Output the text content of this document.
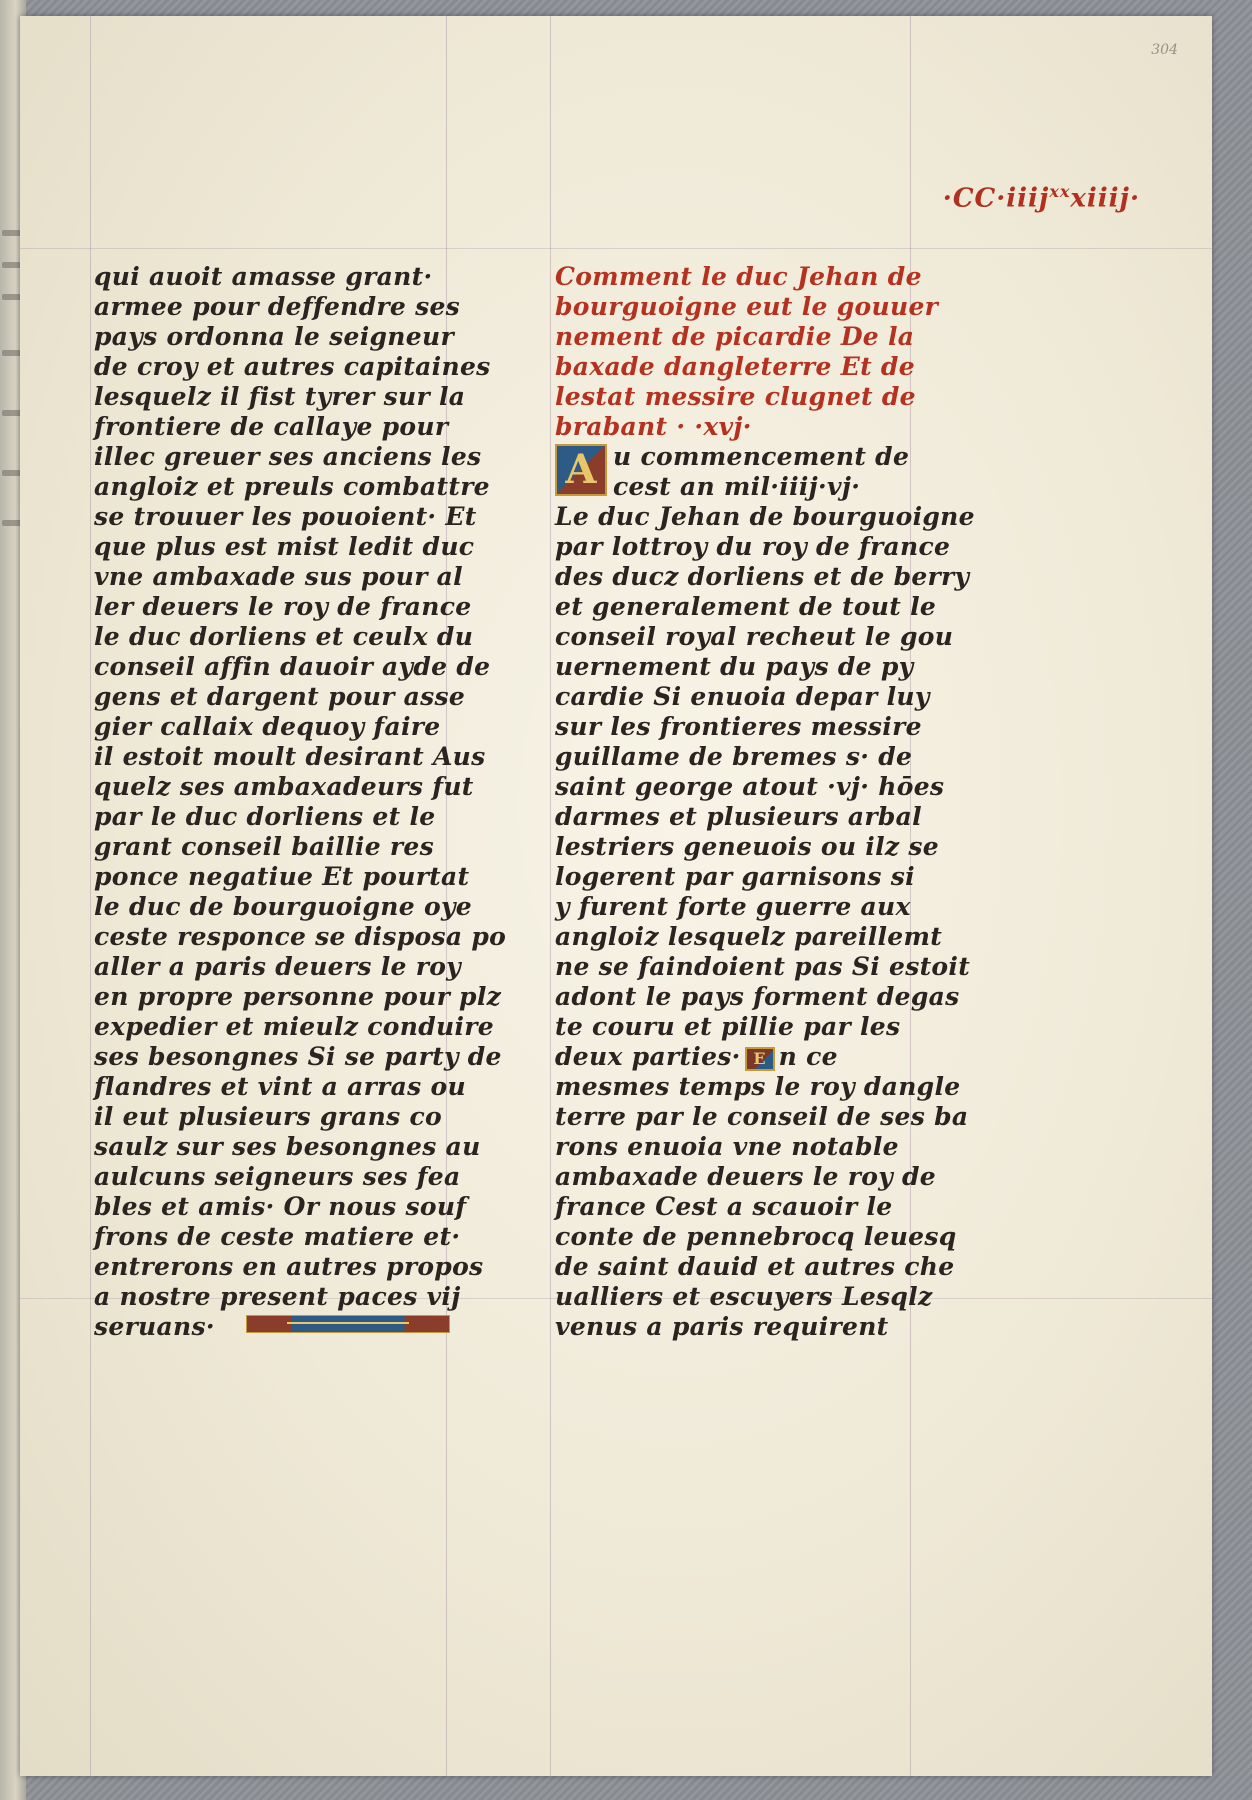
304
·CC·iiij$^{xx}$xiiij·
qui auoit amasse grant·
armee pour deffendre ses
pays ordonna le seigneur
de croy et autres capitaines
lesquelz il fist tyrer sur la
frontiere de callaye pour
illec greuer ses anciens les
angloiz et preuls combattre
se trouuer les pouoient· Et
que plus est mist ledit duc
vne ambaxade sus pour al
ler deuers le roy de france
le duc dorliens et ceulx du
conseil affin dauoir ayde de
gens et dargent pour asse
gier callaix dequoy faire
il estoit moult desirant Aus
quelz ses ambaxadeurs fut
par le duc dorliens et le
grant conseil baillie res
ponce negatiue Et pourtat
le duc de bourguoigne oye
ceste responce se disposa po
aller a paris deuers le roy
en propre personne pour plz
expedier et mieulz conduire
ses besongnes Si se party de
flandres et vint a arras ou
il eut plusieurs grans co
saulz sur ses besongnes au
aulcuns seigneurs ses fea
bles et amis· Or nous souf
frons de ceste matiere et·
entrerons en autres propos
a nostre present paces vij
seruans·
Comment le duc Jehan de
bourguoigne eut le gouuer
nement de picardie De la
baxade dangleterre Et de
lestat messire clugnet de
brabant · ·xvj·
A u commencement de
cest an mil·iiij·vj·
Le duc Jehan de bourguoigne
par lottroy du roy de france
des ducz dorliens et de berry
et generalement de tout le
conseil royal recheut le gou
uernement du pays de py
cardie Si enuoia depar luy
sur les frontieres messire
guillame de bremes s· de
saint george atout ·vj· hōes
darmes et plusieurs arbal
lestriers geneuois ou ilz se
logerent par garnisons si
y furent forte guerre aux
angloiz lesquelz pareillemt
ne se faindoient pas Si estoit
adont le pays forment degas
te couru et pillie par les
deux parties· E n ce
mesmes temps le roy dangle
terre par le conseil de ses ba
rons enuoia vne notable
ambaxade deuers le roy de
france Cest a scauoir le
conte de pennebrocq leuesq
de saint dauid et autres che
ualliers et escuyers Lesqlz
venus a paris requirent
